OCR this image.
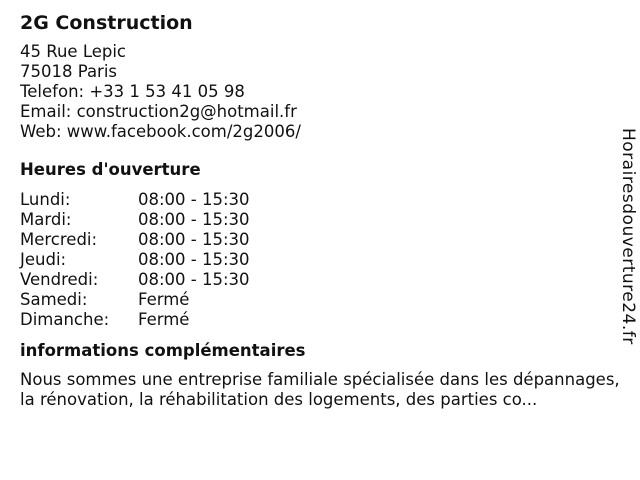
2G Construction
45 Rue Lepic
75018 Paris
Telefon: +33 1 53 41 05 98
Email: construction2g@hotmail.fr
Web: www.facebook.com/2g2006/
Heures d'ouverture
Lundi:	08:00 - 15:30
Mardi:	08:00 - 15:30
Mercredi:	08:00 - 15:30
Jeudi:	08:00 - 15:30
Vendredi:	08:00 - 15:30
Samedi:	Fermé
Dimanche:	Fermé
informations complémentaires
Nous sommes une entreprise familiale spécialisée dans les dépannages, la rénovation, la réhabilitation des logements, des parties co...
Horairesdouverture24.fr
